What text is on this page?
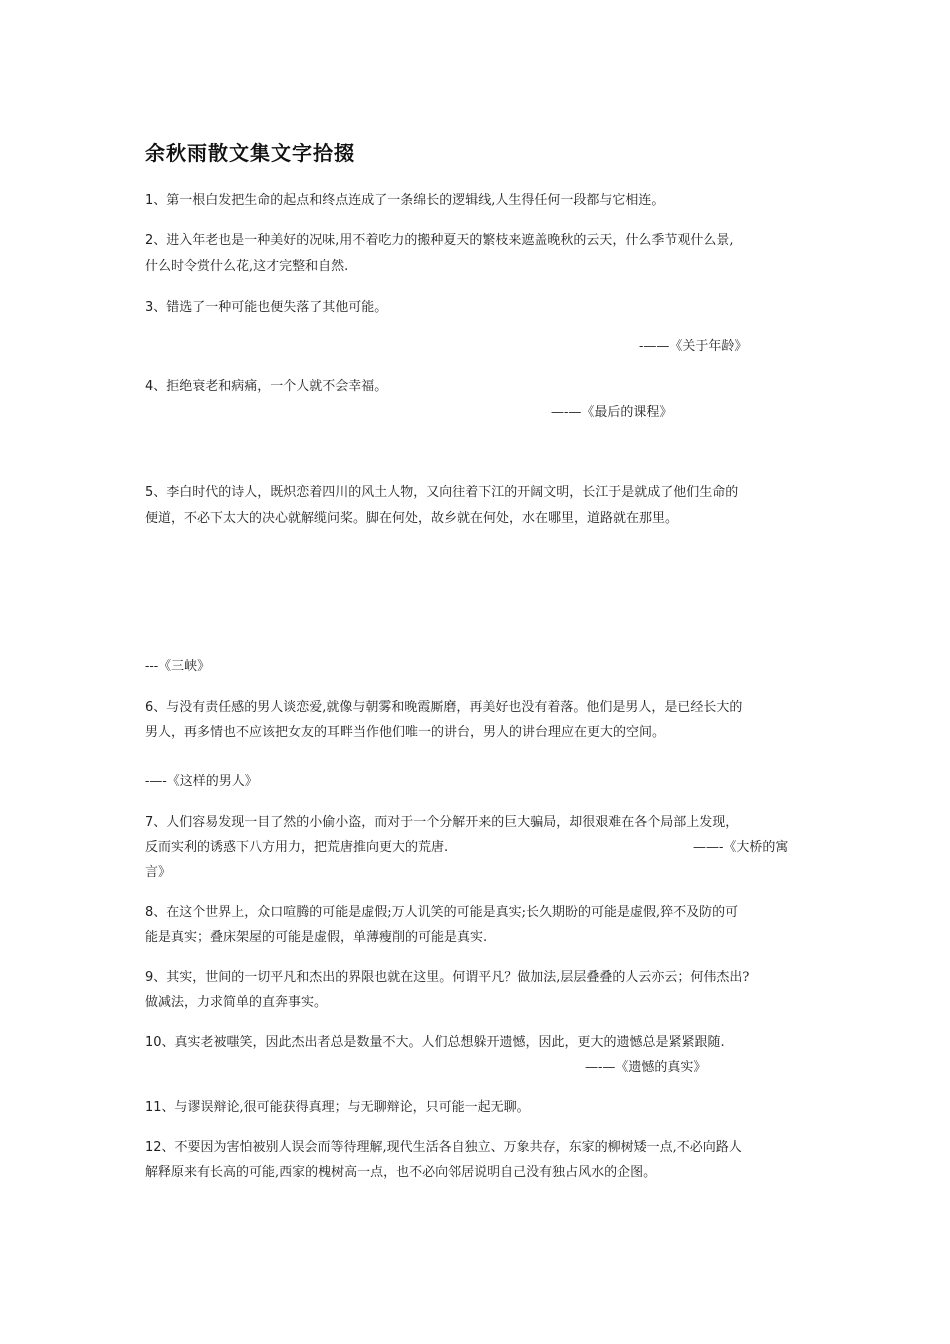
余秋雨散文集文字拾掇
1、第一根白发把生命的起点和终点连成了一条绵长的逻辑线,人生得任何一段都与它相连。
2、进入年老也是一种美好的况味,用不着吃力的搬种夏天的繁枝来遮盖晚秋的云天，什么季节观什么景,
什么时令赏什么花,这才完整和自然.
3、错选了一种可能也便失落了其他可能。
-——《关于年龄》
4、拒绝衰老和病痛，一个人就不会幸福。
—-—《最后的课程》
5、李白时代的诗人，既炽恋着四川的风土人物，又向往着下江的开阔文明，长江于是就成了他们生命的
便道，不必下太大的决心就解缆问桨。脚在何处，故乡就在何处，水在哪里，道路就在那里。
---《三峡》
6、与没有责任感的男人谈恋爱,就像与朝雾和晚霞厮磨，再美好也没有着落。他们是男人，是已经长大的
男人，再多情也不应该把女友的耳畔当作他们唯一的讲台，男人的讲台理应在更大的空间。
-—-《这样的男人》
7、人们容易发现一目了然的小偷小盗，而对于一个分解开来的巨大骗局，却很艰难在各个局部上发现，
反而实利的诱惑下八方用力，把荒唐推向更大的荒唐.	——-《大桥的寓
言》
8、在这个世界上，众口喧腾的可能是虚假;万人讥笑的可能是真实;长久期盼的可能是虚假,猝不及防的可
能是真实；叠床架屋的可能是虚假，单薄瘦削的可能是真实.
9、其实，世间的一切平凡和杰出的界限也就在这里。何谓平凡？做加法,层层叠叠的人云亦云；何伟杰出?
做减法，力求简单的直奔事实。
10、真实老被嗤笑，因此杰出者总是数量不大。人们总想躲开遗憾，因此，更大的遗憾总是紧紧跟随.
—-—《遗憾的真实》
11、与谬误辩论,很可能获得真理；与无聊辩论，只可能一起无聊。
12、不要因为害怕被别人误会而等待理解,现代生活各自独立、万象共存，东家的柳树矮一点,不必向路人
解释原来有长高的可能,西家的槐树高一点，也不必向邻居说明自己没有独占风水的企图。
